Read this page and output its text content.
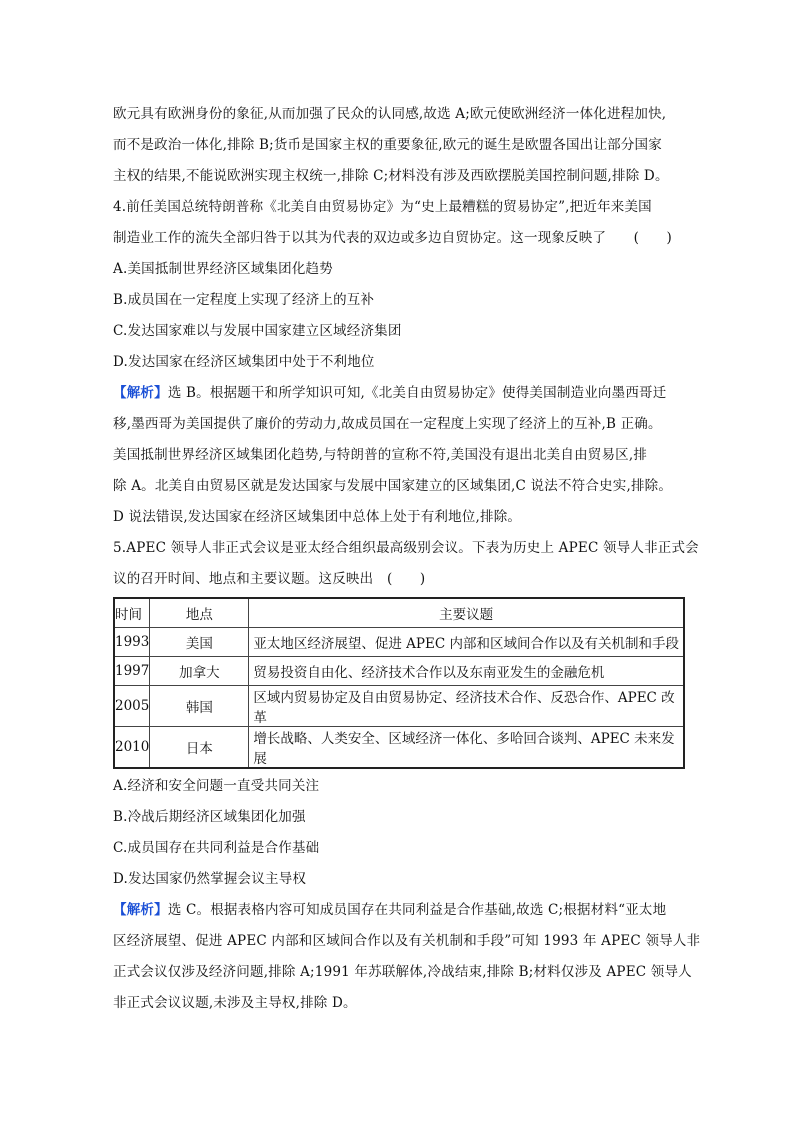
欧元具有欧洲身份的象征,从而加强了民众的认同感,故选 A;欧元使欧洲经济一体化进程加快,
而不是政治一体化,排除 B;货币是国家主权的重要象征,欧元的诞生是欧盟各国出让部分国家
主权的结果,不能说欧洲实现主权统一,排除 C;材料没有涉及西欧摆脱美国控制问题,排除 D。
4.前任美国总统特朗普称《北美自由贸易协定》为“史上最糟糕的贸易协定”,把近年来美国
制造业工作的流失全部归咎于以其为代表的双边或多边自贸协定。这一现象反映了　　(　　)
A.美国抵制世界经济区域集团化趋势
B.成员国在一定程度上实现了经济上的互补
C.发达国家难以与发展中国家建立区域经济集团
D.发达国家在经济区域集团中处于不利地位
【解析】选 B。根据题干和所学知识可知,《北美自由贸易协定》使得美国制造业向墨西哥迁
移,墨西哥为美国提供了廉价的劳动力,故成员国在一定程度上实现了经济上的互补,B 正确。
美国抵制世界经济区域集团化趋势,与特朗普的宣称不符,美国没有退出北美自由贸易区,排
除 A。北美自由贸易区就是发达国家与发展中国家建立的区域集团,C 说法不符合史实,排除。
D 说法错误,发达国家在经济区域集团中总体上处于有利地位,排除。
5.APEC 领导人非正式会议是亚太经合组织最高级别会议。下表为历史上 APEC 领导人非正式会
议的召开时间、地点和主要议题。这反映出　(　　)
时间	地点	主要议题
1993	美国	亚太地区经济展望、促进 APEC 内部和区域间合作以及有关机制和手段
1997	加拿大	贸易投资自由化、经济技术合作以及东南亚发生的金融危机
2005	韩国	区域内贸易协定及自由贸易协定、经济技术合作、反恐合作、APEC 改革
2010	日本	增长战略、人类安全、区域经济一体化、多哈回合谈判、APEC 未来发展
A.经济和安全问题一直受共同关注
B.冷战后期经济区域集团化加强
C.成员国存在共同利益是合作基础
D.发达国家仍然掌握会议主导权
【解析】选 C。根据表格内容可知成员国存在共同利益是合作基础,故选 C;根据材料“亚太地
区经济展望、促进 APEC 内部和区域间合作以及有关机制和手段”可知 1993 年 APEC 领导人非
正式会议仅涉及经济问题,排除 A;1991 年苏联解体,冷战结束,排除 B;材料仅涉及 APEC 领导人
非正式会议议题,未涉及主导权,排除 D。
